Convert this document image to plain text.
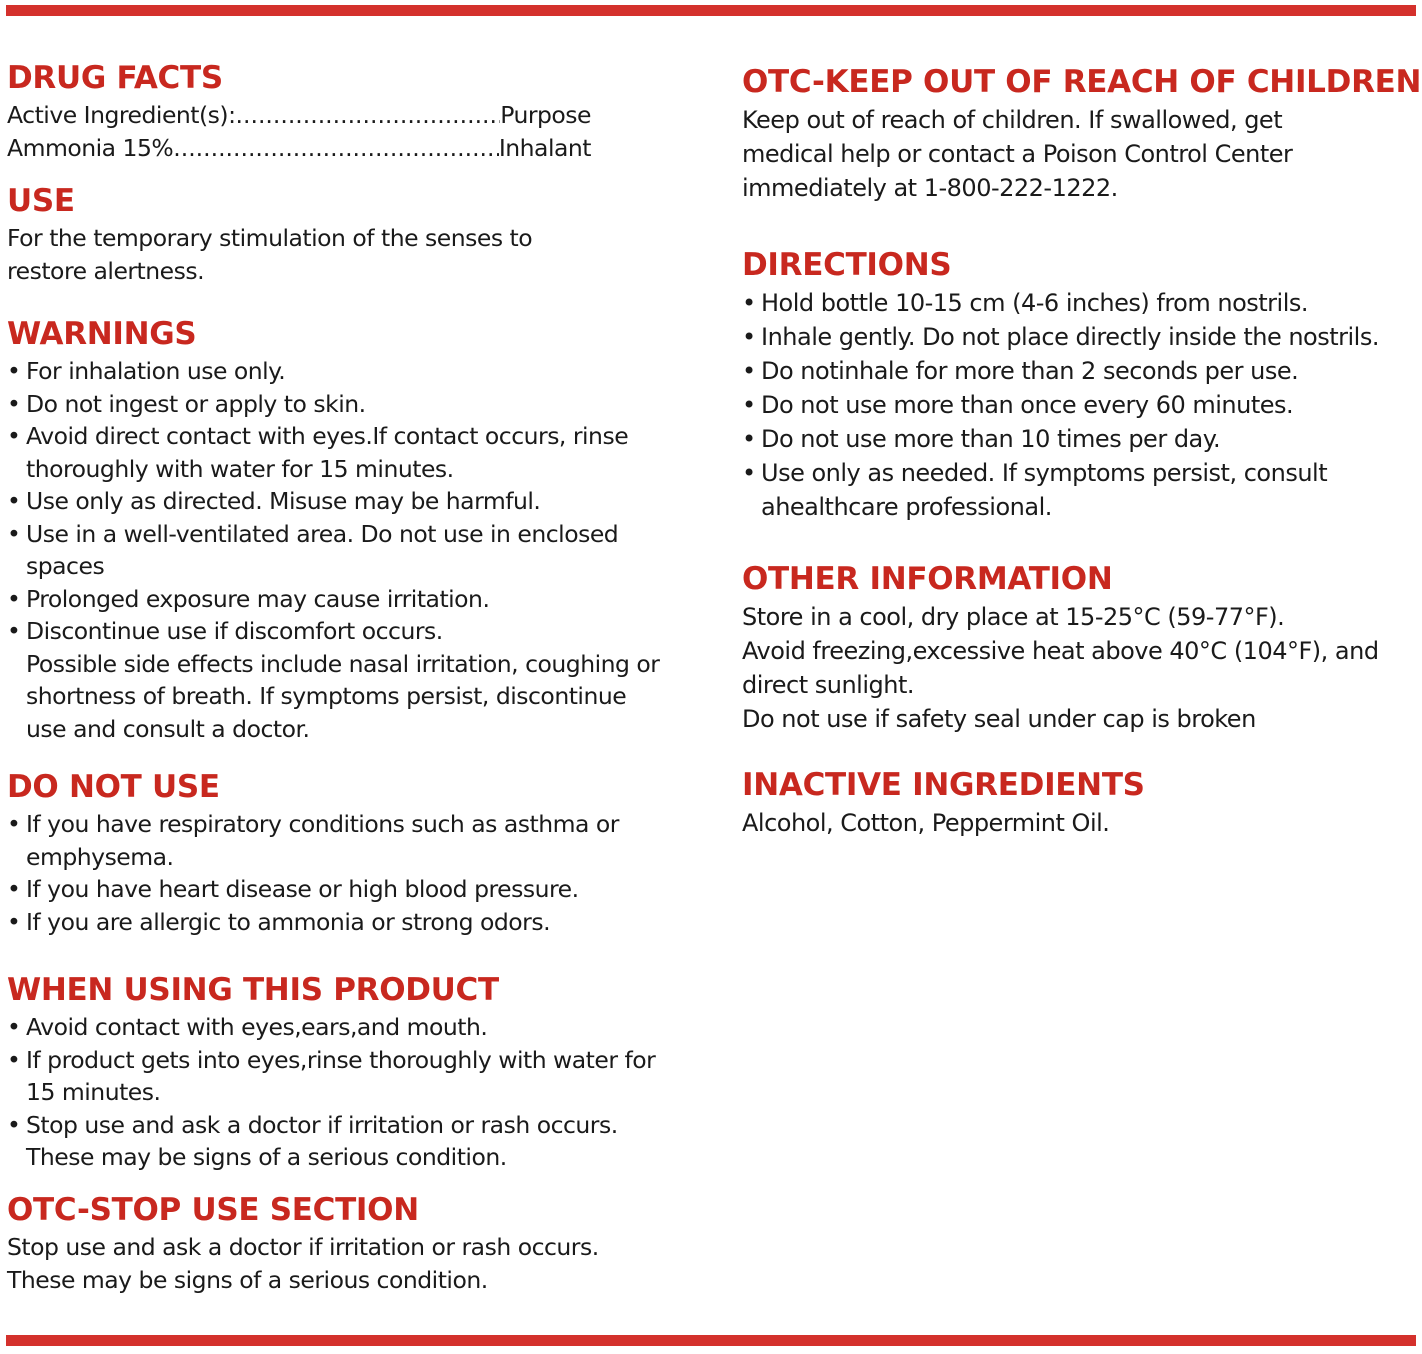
DRUG FACTS
Active Ingredient(s): .....	Purpose
Ammonia 15% .....	Inhalant
USE

For the temporary stimulation of the senses to restore alertness.

WARNINGS
• For inhalation use only.
• Do not ingest or apply to skin.
• Avoid direct contact with eyes.If contact occurs, rinse thoroughly with water for 15 minutes.
• Use only as directed. Misuse may be harmful.
• Use in a well-ventilated area. Do not use in enclosed spaces
• Prolonged exposure may cause irritation.
• Discontinue use if discomfort occurs.

Possible side effects include nasal irritation, coughing or shortness of breath. If symptoms persist, discontinue use and consult a doctor.

DO NOT USE
• If you have respiratory conditions such as asthma or emphysema.
• If you have heart disease or high blood pressure.
• If you are allergic to ammonia or strong odors.
WHEN USING THIS PRODUCT
• Avoid contact with eyes,ears,and mouth.
• If product gets into eyes,rinse thoroughly with water for 15 minutes.
• Stop use and ask a doctor if irritation or rash occurs. These may be signs of a serious condition.
OTC-STOP USE SECTION

Stop use and ask a doctor if irritation or rash occurs. These may be signs of a serious condition.

OTC-KEEP OUT OF REACH OF CHILDREN

Keep out of reach of children. If swallowed, get medical help or contact a Poison Control Center immediately at 1-800-222-1222.

DIRECTIONS
• Hold bottle 10-15 cm (4-6 inches) from nostrils.
• Inhale gently. Do not place directly inside the nostrils.
• Do notinhale for more than 2 seconds per use.
• Do not use more than once every 60 minutes.
• Do not use more than 10 times per day.
• Use only as needed. If symptoms persist, consult ahealthcare professional.
OTHER INFORMATION

Store in a cool, dry place at 15-25°C (59-77°F).

Avoid freezing,excessive heat above 40°C (104°F), and direct sunlight.

Do not use if safety seal under cap is broken

INACTIVE INGREDIENTS

Alcohol, Cotton, Peppermint Oil.
